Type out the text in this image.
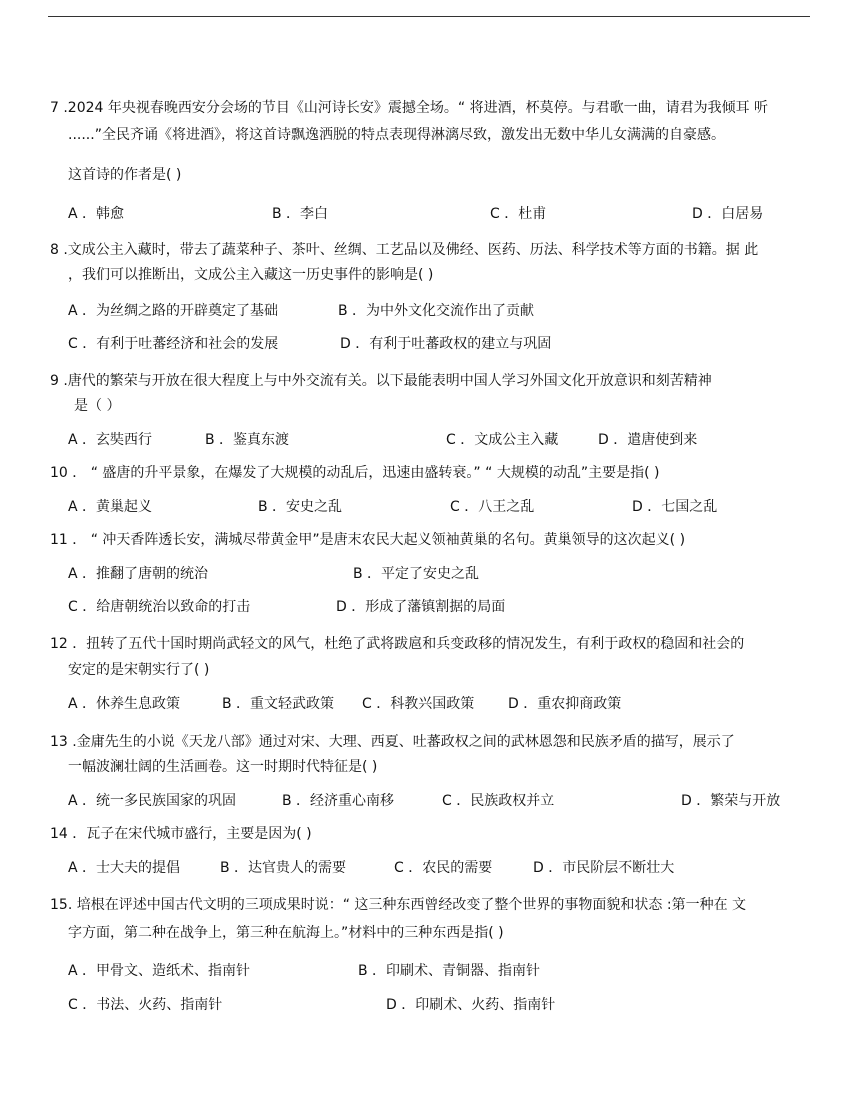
7 .2024 年央视春晚西安分会场的节目《山河诗长安》震撼全场。“ 将进酒，杯莫停。与君歌一曲，请君为我倾耳 听
......”全民齐诵《将进酒》，将这首诗飘逸洒脱的特点表现得淋漓尽致，激发出无数中华儿女满满的自豪感。
这首诗的作者是( )
A ．韩愈	B ．李白	C ．杜甫	D ．白居易
8 .文成公主入藏时，带去了蔬菜种子、茶叶、丝绸、工艺品以及佛经、医药、历法、科学技术等方面的书籍。据 此
，我们可以推断出，文成公主入藏这一历史事件的影响是( )
A ．为丝绸之路的开辟奠定了基础	B ．为中外文化交流作出了贡献
C ．有利于吐蕃经济和社会的发展	D ．有利于吐蕃政权的建立与巩固
9 .唐代的繁荣与开放在很大程度上与中外交流有关。以下最能表明中国人学习外国文化开放意识和刻苦精神
是（ ）
A ．玄奘西行	B ．鉴真东渡	C ．文成公主入藏	D ．遣唐使到来
10 ． “ 盛唐的升平景象，在爆发了大规模的动乱后，迅速由盛转衰。” “ 大规模的动乱”主要是指( )
A ．黄巢起义	B ．安史之乱	C ．八王之乱	D ．七国之乱
11 ． “ 冲天香阵透长安，满城尽带黄金甲”是唐末农民大起义领袖黄巢的名句。黄巢领导的这次起义( )
A ．推翻了唐朝的统治	B ．平定了安史之乱
C ．给唐朝统治以致命的打击	D ．形成了藩镇割据的局面
12 ．扭转了五代十国时期尚武轻文的风气，杜绝了武将跋扈和兵变政移的情况发生，有利于政权的稳固和社会的
安定的是宋朝实行了( )
A ．休养生息政策	B ．重文轻武政策 C ．科教兴国政策 D ．重农抑商政策
13 .金庸先生的小说《天龙八部》通过对宋、大理、西夏、吐蕃政权之间的武林恩怨和民族矛盾的描写，展示了
一幅波澜壮阔的生活画卷。这一时期时代特征是( )
A ．统一多民族国家的巩固	B ．经济重心南移	C ．民族政权并立	D ．繁荣与开放
14 ．瓦子在宋代城市盛行，主要是因为( )
A ．士大夫的提倡	B ．达官贵人的需要	C ．农民的需要	D ．市民阶层不断壮大
15. 培根在评述中国古代文明的三项成果时说：“ 这三种东西曾经改变了整个世界的事物面貌和状态 :第一种在 文
字方面，第二种在战争上，第三种在航海上。”材料中的三种东西是指( )
A ．甲骨文、造纸术、指南针	B ．印刷术、青铜器、指南针
C ．书法、火药、指南针	D ．印刷术、火药、指南针
